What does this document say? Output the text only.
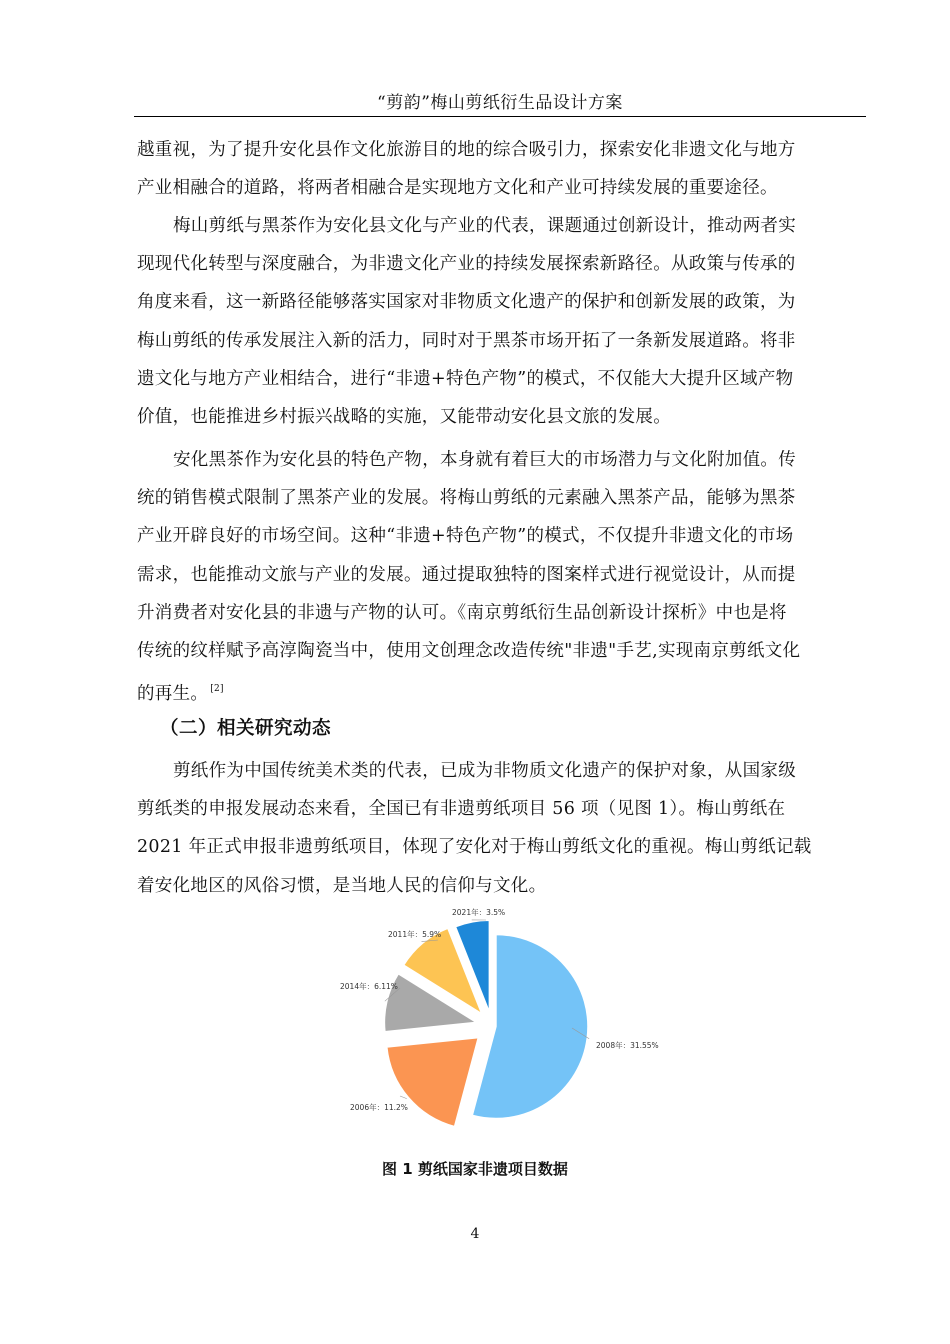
“剪韵”梅山剪纸衍生品设计方案
越重视，为了提升安化县作文化旅游目的地的综合吸引力，探索安化非遗文化与地方
产业相融合的道路，将两者相融合是实现地方文化和产业可持续发展的重要途径。
梅山剪纸与黑茶作为安化县文化与产业的代表，课题通过创新设计，推动两者实
现现代化转型与深度融合，为非遗文化产业的持续发展探索新路径。从政策与传承的
角度来看，这一新路径能够落实国家对非物质文化遗产的保护和创新发展的政策，为
梅山剪纸的传承发展注入新的活力，同时对于黑茶市场开拓了一条新发展道路。将非
遗文化与地方产业相结合，进行“非遗+特色产物”的模式，不仅能大大提升区域产物
价值，也能推进乡村振兴战略的实施，又能带动安化县文旅的发展。
安化黑茶作为安化县的特色产物，本身就有着巨大的市场潜力与文化附加值。传
统的销售模式限制了黑茶产业的发展。将梅山剪纸的元素融入黑茶产品，能够为黑茶
产业开辟良好的市场空间。这种“非遗+特色产物”的模式，不仅提升非遗文化的市场
需求，也能推动文旅与产业的发展。通过提取独特的图案样式进行视觉设计，从而提
升消费者对安化县的非遗与产物的认可。《南京剪纸衍生品创新设计探析》中也是将
传统的纹样赋予高淳陶瓷当中，使用文创理念改造传统"非遗"手艺,实现南京剪纸文化
的再生。 [2]
（二）相关研究动态
剪纸作为中国传统美术类的代表，已成为非物质文化遗产的保护对象，从国家级
剪纸类的申报发展动态来看，全国已有非遗剪纸项目 56 项（见图 1）。梅山剪纸在
2021 年正式申报非遗剪纸项目，体现了安化对于梅山剪纸文化的重视。梅山剪纸记载
着安化地区的风俗习惯，是当地人民的信仰与文化。
2008年：31.55%
2006年：11.2%
2014年：6.11%
2011年：5.9%
2021年：3.5%
图 1 剪纸国家非遗项目数据
4
